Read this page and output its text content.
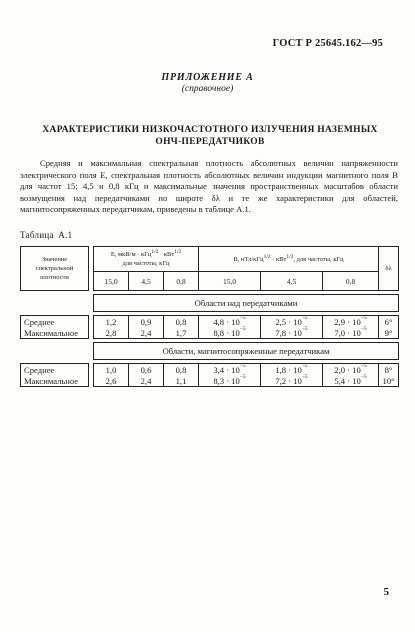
ГОСТ Р 25645.162—95
ПРИЛОЖЕНИЕ А
(справочное)
ХАРАКТЕРИСТИКИ НИЗКОЧАСТОТНОГО ИЗЛУЧЕНИЯ НАЗЕМНЫХ
ОНЧ-ПЕРЕДАТЧИКОВ
Средняя и максимальная спектральная плотность абсолютных величин напряженности электрического поля E, спектральная плотность абсолютных величин индукции магнитного поля B для частот 15; 4,5 и 0,8 кГц и максимальные значения пространственных масштабов области возмущения над передатчиками по широте δλ и те же характеристики для областей, магнитосопряженных передатчикам, приведены в таблице А.1.
Таблица А.1
Значение спектральной плотности		E, мкВ/м · кГц$^{1/2}$ · кВт$^{1/2}$
для частоты, кГц			B, нТл/кГц$^{1/2}$ · кВт$^{1/2}$, для частоты, кГц			δλ
		15,0	4,5	0,8	15,0	4,5	0,8	

		Области над передатчиками						

Среднее		1,2	0,9	0,8	$4,8 \cdot 10^{-5}$	$2,5 \cdot 10^{-5}$	$2,9 \cdot 10^{-5}$	6°
Максимальное		2,8	2,4	1,7	$8,8 \cdot 10^{-5}$	$7,8 \cdot 10^{-5}$	$7,0 \cdot 10^{-5}$	9°

		Области, магнитосопряженные передатчикам						

Среднее		1,0	0,6	0,8	$3,4 \cdot 10^{-5}$	$1,8 \cdot 10^{-5}$	$2,0 \cdot 10^{-5}$	8°
Максимальное		2,6	2,4	1,1	$8,3 \cdot 10^{-5}$	$7,2 \cdot 10^{-5}$	$5,4 \cdot 10^{-5}$	10°
5
